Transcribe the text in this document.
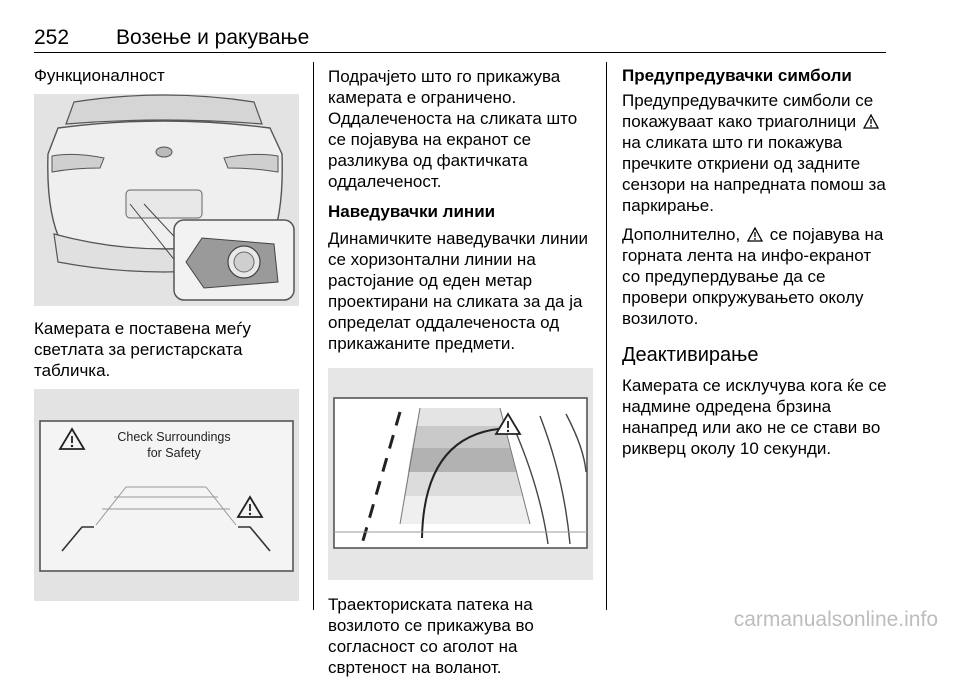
252 Возење и ракување
Функционалност

Камерата е поставена меѓу светлата за регистарската табличка.

Check Surroundings
for Safety

Подрачјето што го прикажува камерата е ограничено. Оддалеченоста на сликата што се појавува на екранот се разликува од фактичката оддалеченост.

Наведувачки линии

Динамичките наведувачки линии се хоризонтални линии на растојание од еден метар проектирани на сликата за да ја определат оддалеченоста од прикажаните предмети.

Траекториската патека на возилото се прикажува во согласност со аголот на свртеност на воланот.

Предупредувачки симболи

Предупредувачките симболи се покажуваат како триаголници  на сликата што ги покажува пречките откриени од задните сензори на напредната помош за паркирање.

Дополнително, се појавува на горната лента на инфо-екранот со предупердување да се провери опкружувањето околу возилото.

Деактивирање

Камерата се исклучува кога ќе се надмине одредена брзина нанапред или ако не се стави во рикверц околу 10 секунди.

carmanualsonline.info
